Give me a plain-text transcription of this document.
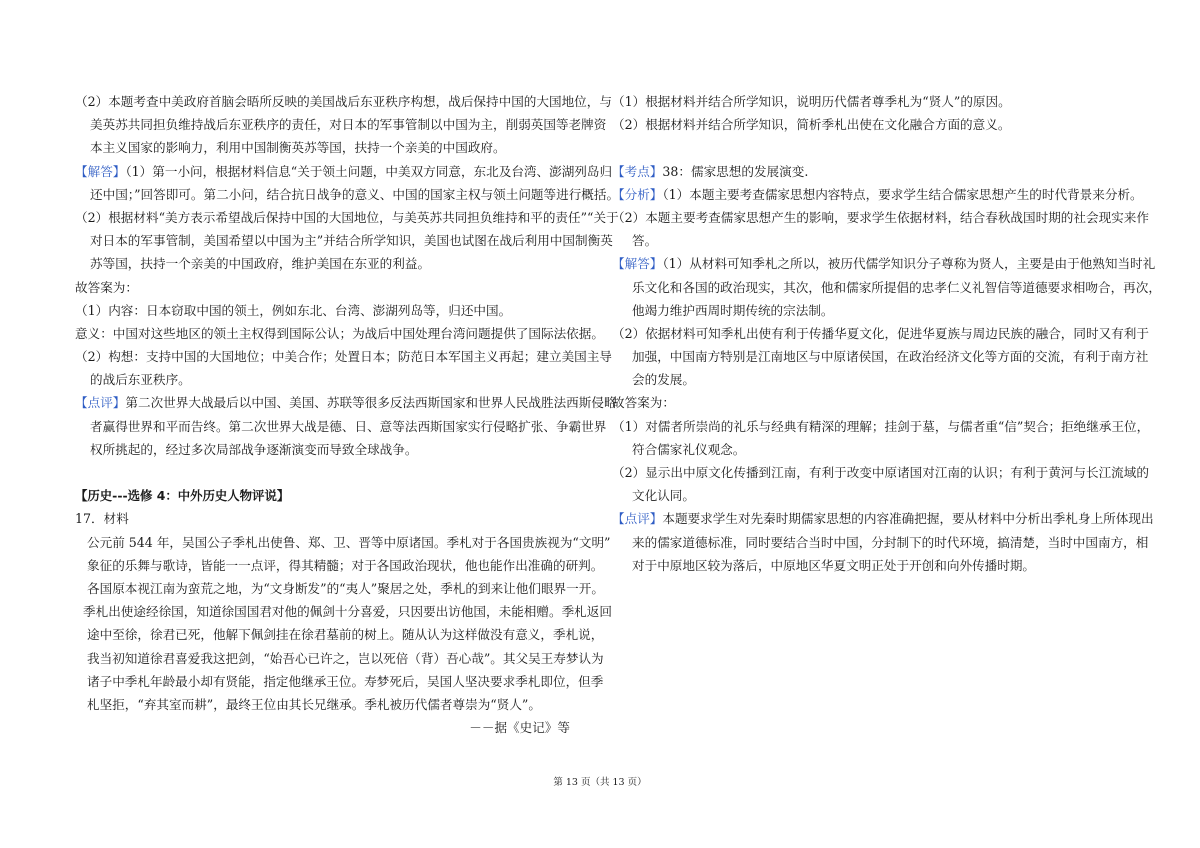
（2）本题考查中美政府首脑会晤所反映的美国战后东亚秩序构想，战后保持中国的大国地位，与
美英苏共同担负维持战后东亚秩序的责任，对日本的军事管制以中国为主，削弱英国等老牌资
本主义国家的影响力，利用中国制衡英苏等国，扶持一个亲美的中国政府。
【解答】（1）第一小问，根据材料信息“关于领土问题，中美双方同意，东北及台湾、澎湖列岛归
还中国；”回答即可。第二小问，结合抗日战争的意义、中国的国家主权与领土问题等进行概括。
（2）根据材料“美方表示希望战后保持中国的大国地位，与美英苏共同担负维持和平的责任”“关于
对日本的军事管制，美国希望以中国为主”并结合所学知识，美国也试图在战后利用中国制衡英
苏等国，扶持一个亲美的中国政府，维护美国在东亚的利益。
故答案为：
（1）内容：日本窃取中国的领土，例如东北、台湾、澎湖列岛等，归还中国。
意义：中国对这些地区的领土主权得到国际公认；为战后中国处理台湾问题提供了国际法依据。
（2）构想：支持中国的大国地位；中美合作；处置日本；防范日本军国主义再起；建立美国主导
的战后东亚秩序。
【点评】第二次世界大战最后以中国、美国、苏联等很多反法西斯国家和世界人民战胜法西斯侵略
者赢得世界和平而告终。第二次世界大战是德、日、意等法西斯国家实行侵略扩张、争霸世界
权所挑起的，经过多次局部战争逐渐演变而导致全球战争。
【历史---选修 4：中外历史人物评说】
17．材料
公元前 544 年，吴国公子季札出使鲁、郑、卫、晋等中原诸国。季札对于各国贵族视为“文明”
象征的乐舞与歌诗，皆能一一点评，得其精髓；对于各国政治现状，他也能作出准确的研判。
各国原本视江南为蛮荒之地，为“文身断发”的“夷人”聚居之处，季札的到来让他们眼界一开。
季札出使途经徐国，知道徐国国君对他的佩剑十分喜爱，只因要出访他国，未能相赠。季札返回
途中至徐，徐君已死，他解下佩剑挂在徐君墓前的树上。随从认为这样做没有意义，季札说，
我当初知道徐君喜爱我这把剑，“始吾心已许之，岂以死倍（背）吾心哉”。其父吴王寿梦认为
诸子中季札年龄最小却有贤能，指定他继承王位。寿梦死后，吴国人坚决要求季札即位，但季
札坚拒，“弃其室而耕”，最终王位由其长兄继承。季札被历代儒者尊崇为“贤人”。
－－据《史记》等
（1）根据材料并结合所学知识，说明历代儒者尊季札为“贤人”的原因。
（2）根据材料并结合所学知识，简析季札出使在文化融合方面的意义。
【考点】38：儒家思想的发展演变.
【分析】（1）本题主要考查儒家思想内容特点，要求学生结合儒家思想产生的时代背景来分析。
（2）本题主要考查儒家思想产生的影响，要求学生依据材料，结合春秋战国时期的社会现实来作
答。
【解答】（1）从材料可知季札之所以，被历代儒学知识分子尊称为贤人，主要是由于他熟知当时礼
乐文化和各国的政治现实，其次，他和儒家所提倡的忠孝仁义礼智信等道德要求相吻合，再次，
他竭力维护西周时期传统的宗法制。
（2）依据材料可知季札出使有利于传播华夏文化，促进华夏族与周边民族的融合，同时又有利于
加强，中国南方特别是江南地区与中原诸侯国，在政治经济文化等方面的交流，有利于南方社
会的发展。
故答案为：
（1）对儒者所崇尚的礼乐与经典有精深的理解；挂剑于墓，与儒者重“信”契合；拒绝继承王位，
符合儒家礼仪观念。
（2）显示出中原文化传播到江南，有利于改变中原诸国对江南的认识；有利于黄河与长江流域的
文化认同。
【点评】本题要求学生对先秦时期儒家思想的内容准确把握，要从材料中分析出季札身上所体现出
来的儒家道德标准，同时要结合当时中国，分封制下的时代环境，搞清楚，当时中国南方，相
对于中原地区较为落后，中原地区华夏文明正处于开创和向外传播时期。
第 13 页（共 13 页）
